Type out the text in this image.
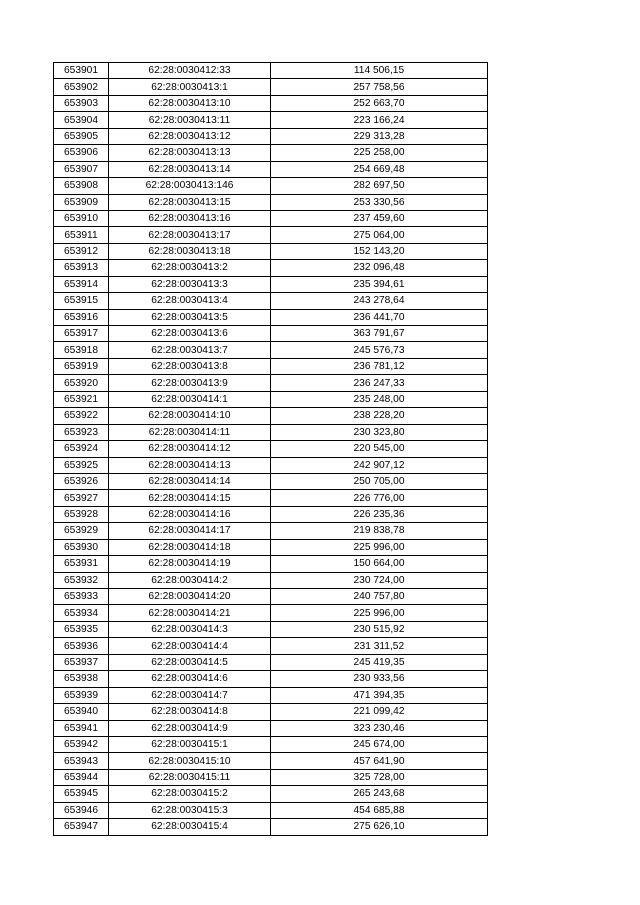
653901	62:28:0030412:33	114 506,15
653902	62:28:0030413:1	257 758,56
653903	62:28:0030413:10	252 663,70
653904	62:28:0030413:11	223 166,24
653905	62:28:0030413:12	229 313,28
653906	62:28:0030413:13	225 258,00
653907	62:28:0030413:14	254 669,48
653908	62:28:0030413:146	282 697,50
653909	62:28:0030413:15	253 330,56
653910	62:28:0030413:16	237 459,60
653911	62:28:0030413:17	275 064,00
653912	62:28:0030413:18	152 143,20
653913	62:28:0030413:2	232 096,48
653914	62:28:0030413:3	235 394,61
653915	62:28:0030413:4	243 278,64
653916	62:28:0030413:5	236 441,70
653917	62:28:0030413:6	363 791,67
653918	62:28:0030413:7	245 576,73
653919	62:28:0030413:8	236 781,12
653920	62:28:0030413:9	236 247,33
653921	62:28:0030414:1	235 248,00
653922	62:28:0030414:10	238 228,20
653923	62:28:0030414:11	230 323,80
653924	62:28:0030414:12	220 545,00
653925	62:28:0030414:13	242 907,12
653926	62:28:0030414:14	250 705,00
653927	62:28:0030414:15	226 776,00
653928	62:28:0030414:16	226 235,36
653929	62:28:0030414:17	219 838,78
653930	62:28:0030414:18	225 996,00
653931	62:28:0030414:19	150 664,00
653932	62:28:0030414:2	230 724,00
653933	62:28:0030414:20	240 757,80
653934	62:28:0030414:21	225 996,00
653935	62:28:0030414:3	230 515,92
653936	62:28:0030414:4	231 311,52
653937	62:28:0030414:5	245 419,35
653938	62:28:0030414:6	230 933,56
653939	62:28:0030414:7	471 394,35
653940	62:28:0030414:8	221 099,42
653941	62:28:0030414:9	323 230,46
653942	62:28:0030415:1	245 674,00
653943	62:28:0030415:10	457 641,90
653944	62:28:0030415:11	325 728,00
653945	62:28:0030415:2	265 243,68
653946	62:28:0030415:3	454 685,88
653947	62:28:0030415:4	275 626,10
